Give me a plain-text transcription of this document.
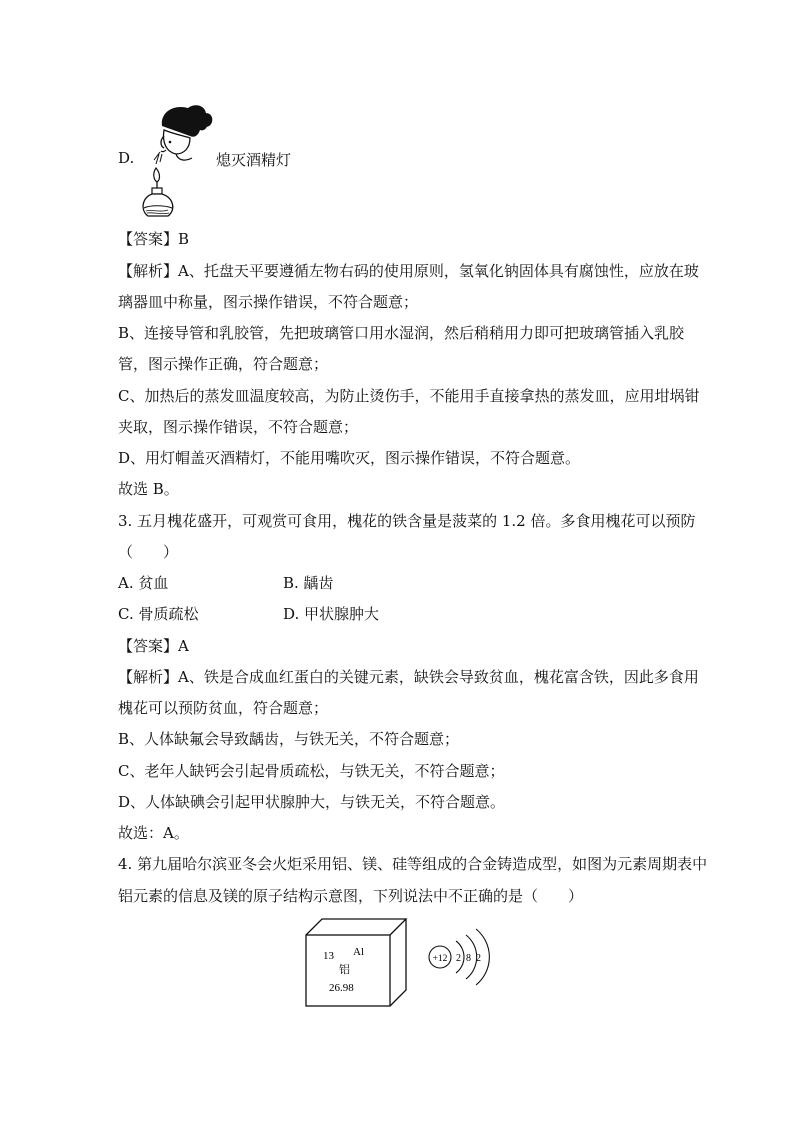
D.	熄灭酒精灯
【答案】B
【解析】A、托盘天平要遵循左物右码的使用原则，氢氧化钠固体具有腐蚀性，应放在玻
璃器皿中称量，图示操作错误，不符合题意；
B、连接导管和乳胶管，先把玻璃管口用水湿润，然后稍稍用力即可把玻璃管插入乳胶
管，图示操作正确，符合题意；
C、加热后的蒸发皿温度较高，为防止烫伤手，不能用手直接拿热的蒸发皿，应用坩埚钳
夹取，图示操作错误，不符合题意；
D、用灯帽盖灭酒精灯，不能用嘴吹灭，图示操作错误，不符合题意。
故选 B。
3. 五月槐花盛开，可观赏可食用，槐花的铁含量是菠菜的 1.2 倍。多食用槐花可以预防
（　　）
A. 贫血	B. 龋齿
C. 骨质疏松	D. 甲状腺肿大
【答案】A
【解析】A、铁是合成血红蛋白的关键元素，缺铁会导致贫血，槐花富含铁，因此多食用
槐花可以预防贫血，符合题意；
B、人体缺氟会导致龋齿，与铁无关，不符合题意；
C、老年人缺钙会引起骨质疏松，与铁无关，不符合题意；
D、人体缺碘会引起甲状腺肿大，与铁无关，不符合题意。
故选：A。
4. 第九届哈尔滨亚冬会火炬采用铝、镁、硅等组成的合金铸造成型，如图为元素周期表中
铝元素的信息及镁的原子结构示意图，下列说法中不正确的是（　　）
13 Al
铝
26.98
+12 2 8 2
